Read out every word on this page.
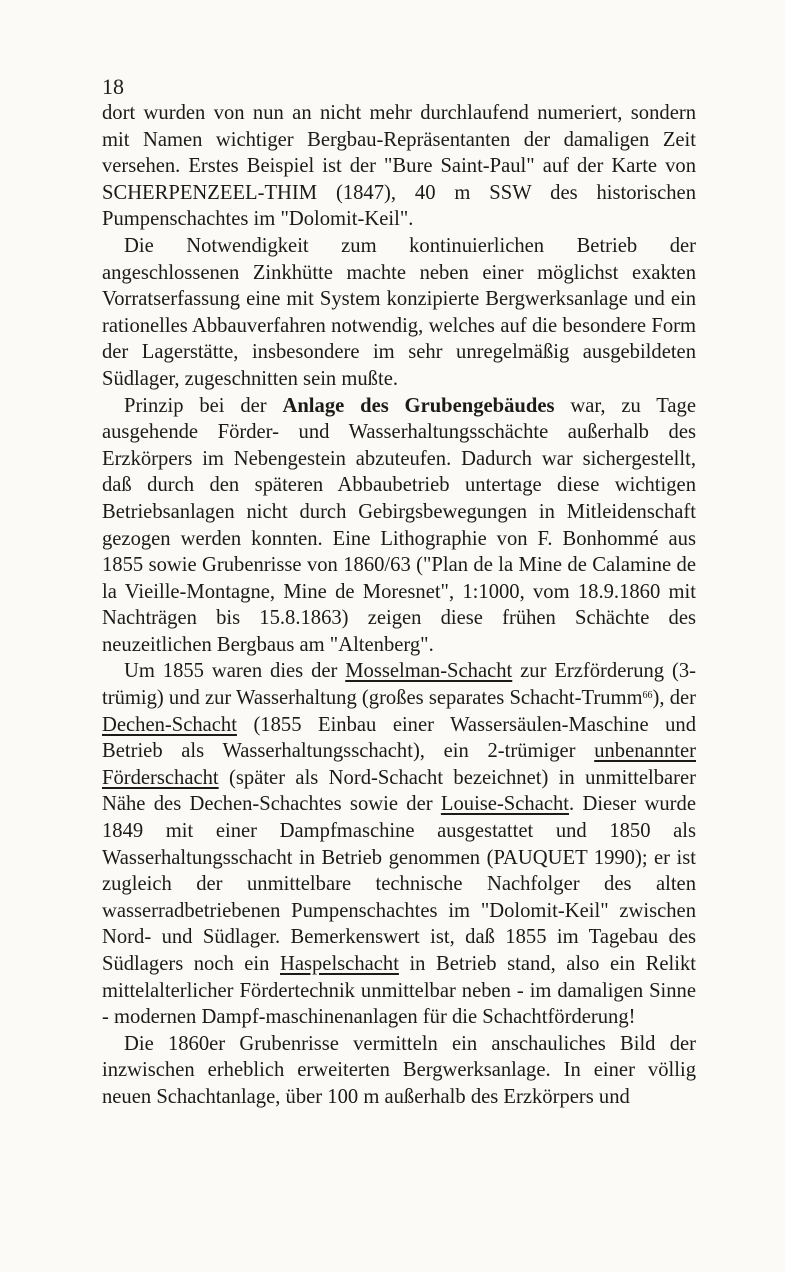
18

dort wurden von nun an nicht mehr durchlaufend numeriert, sondern mit Namen wichtiger Bergbau-Repräsentanten der damaligen Zeit versehen. Erstes Beispiel ist der "Bure Saint-Paul" auf der Karte von SCHERPENZEEL-THIM (1847), 40 m SSW des historischen Pumpenschachtes im "Dolomit-Keil".

Die Notwendigkeit zum kontinuierlichen Betrieb der angeschlossenen Zinkhütte machte neben einer möglichst exakten Vorratserfassung eine mit System konzipierte Bergwerksanlage und ein rationelles Abbauverfahren notwendig, welches auf die besondere Form der Lagerstätte, insbesondere im sehr unregelmäßig ausgebildeten Südlager, zugeschnitten sein mußte.

Prinzip bei der Anlage des Grubengebäudes war, zu Tage ausgehende Förder- und Wasserhaltungsschächte außerhalb des Erzkörpers im Nebengestein abzuteufen. Dadurch war sichergestellt, daß durch den späteren Abbaubetrieb untertage diese wichtigen Betriebsanlagen nicht durch Gebirgsbewegungen in Mitleidenschaft gezogen werden konnten. Eine Lithographie von F. Bonhommé aus 1855 sowie Grubenrisse von 1860/63 ("Plan de la Mine de Calamine de la Vieille-Montagne, Mine de Moresnet", 1:1000, vom 18.9.1860 mit Nachträgen bis 15.8.1863) zeigen diese frühen Schächte des neuzeitlichen Bergbaus am "Altenberg".

Um 1855 waren dies der Mosselman-Schacht zur Erzförderung (3-trümig) und zur Wasserhaltung (großes separates Schacht-Trumm$^{66}$), der Dechen-Schacht (1855 Einbau einer Wassersäulen-Maschine und Betrieb als Wasserhaltungsschacht), ein 2-trümiger unbenannter Förderschacht (später als Nord-Schacht bezeichnet) in unmittelbarer Nähe des Dechen-Schachtes sowie der Louise-Schacht. Dieser wurde 1849 mit einer Dampfmaschine ausgestattet und 1850 als Wasserhaltungsschacht in Betrieb genommen (PAUQUET 1990); er ist zugleich der unmittelbare technische Nachfolger des alten wasserradbetriebenen Pumpenschachtes im "Dolomit-Keil" zwischen Nord- und Südlager. Bemerkenswert ist, daß 1855 im Tagebau des Südlagers noch ein Haspelschacht in Betrieb stand, also ein Relikt mittelalterlicher Fördertechnik unmittelbar neben - im damaligen Sinne - modernen Dampf-maschinenanlagen für die Schachtförderung!

Die 1860er Grubenrisse vermitteln ein anschauliches Bild der inzwischen erheblich erweiterten Bergwerksanlage. In einer völlig neuen Schachtanlage, über 100 m außerhalb des Erzkörpers und
